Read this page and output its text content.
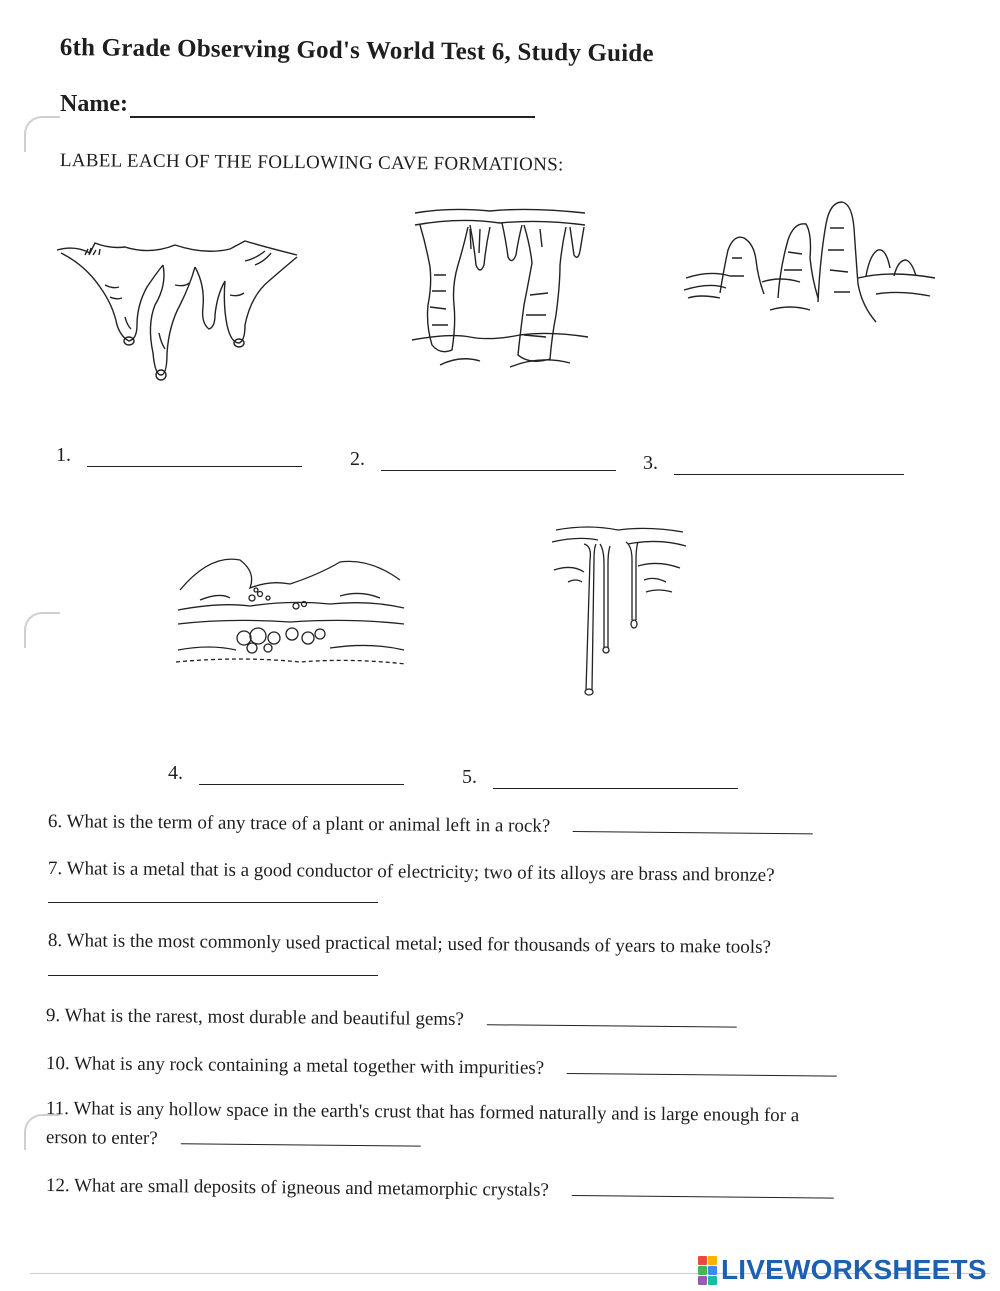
6th Grade Observing God's World Test 6, Study Guide
Name:
LABEL EACH OF THE FOLLOWING CAVE FORMATIONS:
1.	2.	3.
4.	5.
6. What is the term of any trace of a plant or animal left in a rock?
7. What is a metal that is a good conductor of electricity; two of its alloys are brass and bronze?
8. What is the most commonly used practical metal; used for thousands of years to make tools?
9. What is the rarest, most durable and beautiful gems?
10. What is any rock containing a metal together with impurities?
11. What is any hollow space in the earth's crust that has formed naturally and is large enough for a
erson to enter?
12. What are small deposits of igneous and metamorphic crystals?
LIVEWORKSHEETS
